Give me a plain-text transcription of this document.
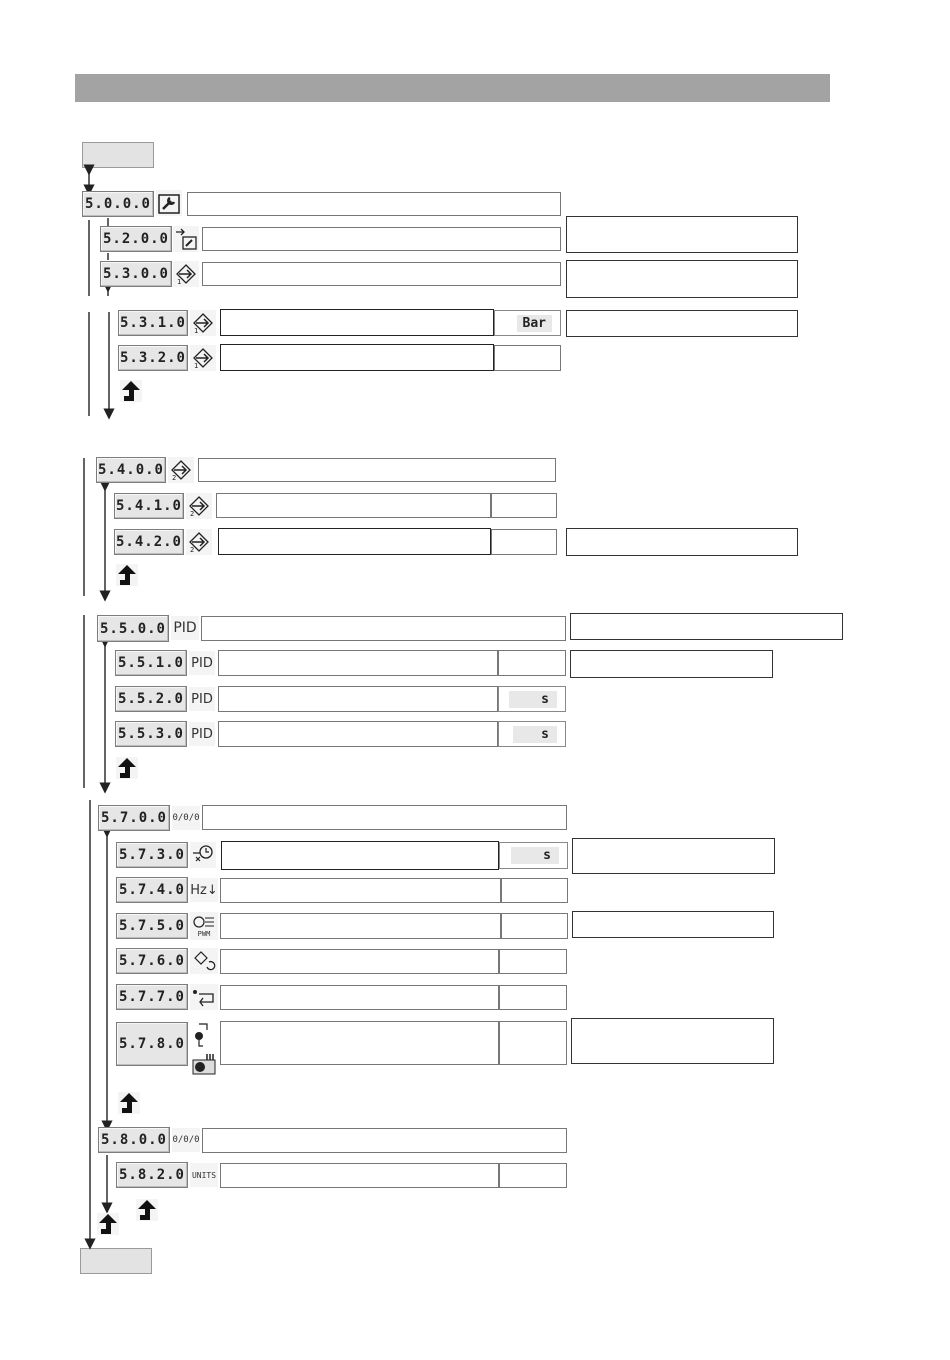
5.0.0.0
5.2.0.0
5.3.0.0	1
5.3.1.0 1
Bar
5.3.2.0 1
5.4.0.0 2
5.4.1.0 2
5.4.2.0 2
5.5.0.0 PID
5.5.1.0 PID
5.5.2.0 PID	s
5.5.3.0 PID	s
5.7.0.0 0/0/0
5.7.3.0	s
5.7.4.0 Hz↓
5.7.5.0	PWM
5.7.6.0
5.7.7.0
5.7.8.0
5.8.0.0 0/0/0
5.8.2.0 UNITS
